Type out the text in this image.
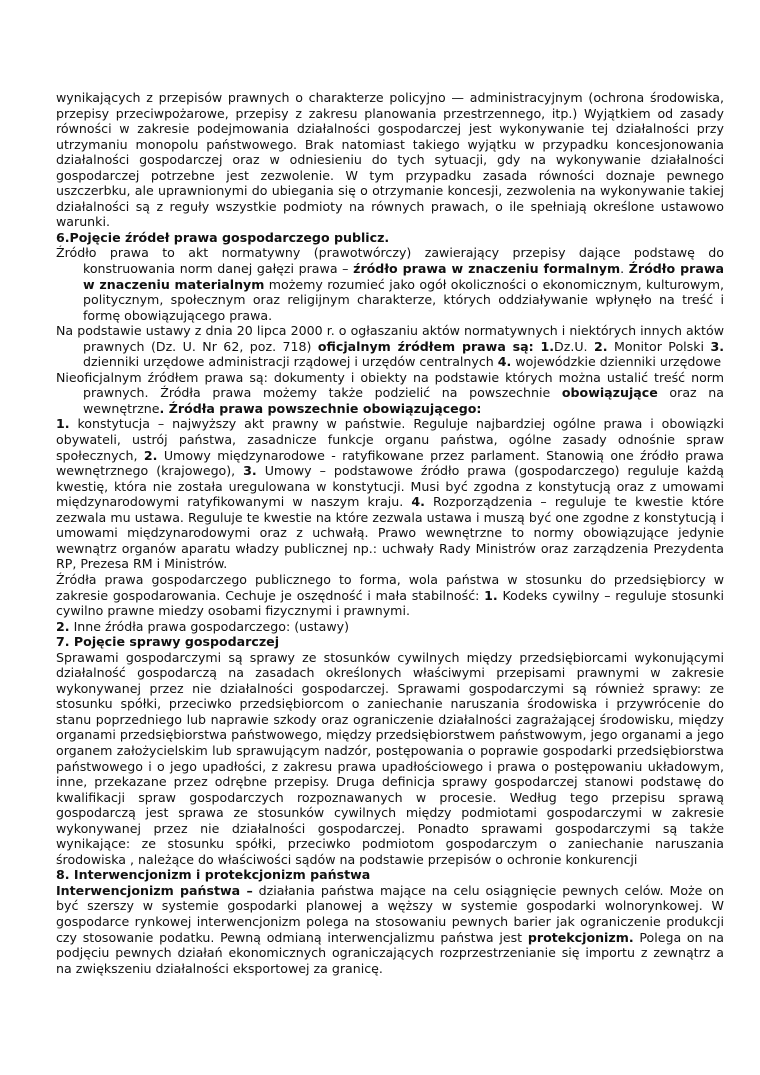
wynikających z przepisów prawnych o charakterze policyjno — administracyjnym (ochrona środowiska, przepisy przeciwpożarowe, przepisy z zakresu planowania przestrzennego, itp.) Wyjątkiem od zasady równości w zakresie podejmowania działalności gospodarczej jest wykonywanie tej działalności przy utrzymaniu monopolu państwowego. Brak natomiast takiego wyjątku w przypadku koncesjonowania działalności gospodarczej oraz w odniesieniu do tych sytuacji, gdy na wykonywanie działalności gospodarczej potrzebne jest zezwolenie. W tym przypadku zasada równości doznaje pewnego uszczerbku, ale uprawnionymi do ubiegania się o otrzymanie koncesji, zezwolenia na wykonywanie takiej działalności są z reguły wszystkie podmioty na równych prawach, o ile spełniają określone ustawowo warunki.

6.Pojęcie źródeł prawa gospodarczego publicz.

Źródło prawa to akt normatywny (prawotwórczy) zawierający przepisy dające podstawę do konstruowania norm danej gałęzi prawa – źródło prawa w znaczeniu formalnym. Źródło prawa w znaczeniu materialnym możemy rozumieć jako ogół okoliczności o ekonomicznym, kulturowym, politycznym, społecznym oraz religijnym charakterze, których oddziaływanie wpłynęło na treść i formę obowiązującego prawa.

Na podstawie ustawy z dnia 20 lipca 2000 r. o ogłaszaniu aktów normatywnych i niektórych innych aktów prawnych (Dz. U. Nr 62, poz. 718) oficjalnym źródłem prawa są: 1.Dz.U. 2. Monitor Polski 3. dzienniki urzędowe administracji rządowej i urzędów centralnych 4. wojewódzkie dzienniki urzędowe

Nieoficjalnym źródłem prawa są: dokumenty i obiekty na podstawie których można ustalić treść norm prawnych. Źródła prawa możemy także podzielić na powszechnie obowiązujące oraz na wewnętrzne. Źródła prawa powszechnie obowiązującego:

1. konstytucja – najwyższy akt prawny w państwie. Reguluje najbardziej ogólne prawa i obowiązki obywateli, ustrój państwa, zasadnicze funkcje organu państwa, ogólne zasady odnośnie spraw społecznych, 2. Umowy międzynarodowe - ratyfikowane przez parlament. Stanowią one źródło prawa wewnętrznego (krajowego), 3. Umowy – podstawowe źródło prawa (gospodarczego) reguluje każdą kwestię, która nie została uregulowana w konstytucji. Musi być zgodna z konstytucją oraz z umowami międzynarodowymi ratyfikowanymi w naszym kraju. 4. Rozporządzenia – reguluje te kwestie które zezwala mu ustawa. Reguluje te kwestie na które zezwala ustawa i muszą być one zgodne z konstytucją i umowami międzynarodowymi oraz z uchwałą. Prawo wewnętrzne to normy obowiązujące jedynie wewnątrz organów aparatu władzy publicznej np.: uchwały Rady Ministrów oraz zarządzenia Prezydenta RP, Prezesa RM i Ministrów.

Źródła prawa gospodarczego publicznego to forma, wola państwa w stosunku do przedsiębiorcy w zakresie gospodarowania. Cechuje je oszędność i mała stabilność: 1. Kodeks cywilny – reguluje stosunki cywilno prawne miedzy osobami fizycznymi i prawnymi.

2. Inne źródła prawa gospodarczego: (ustawy)

7. Pojęcie sprawy gospodarczej

Sprawami gospodarczymi są sprawy ze stosunków cywilnych między przedsiębiorcami wykonującymi działalność gospodarczą na zasadach określonych właściwymi przepisami prawnymi w zakresie wykonywanej przez nie działalności gospodarczej. Sprawami gospodarczymi są również sprawy: ze stosunku spółki, przeciwko przedsiębiorcom o zaniechanie naruszania środowiska i przywrócenie do stanu poprzedniego lub naprawie szkody oraz ograniczenie działalności zagrażającej środowisku, między organami przedsiębiorstwa państwowego, między przedsiębiorstwem państwowym, jego organami a jego organem założycielskim lub sprawującym nadzór, postępowania o poprawie gospodarki przedsiębiorstwa państwowego i o jego upadłości, z zakresu prawa upadłościowego i prawa o postępowaniu układowym, inne, przekazane przez odrębne przepisy. Druga definicja sprawy gospodarczej stanowi podstawę do kwalifikacji spraw gospodarczych rozpoznawanych w procesie. Według tego przepisu sprawą gospodarczą jest sprawa ze stosunków cywilnych między podmiotami gospodarczymi w zakresie wykonywanej przez nie działalności gospodarczej. Ponadto sprawami gospodarczymi są także wynikające: ze stosunku spółki, przeciwko podmiotom gospodarczym o zaniechanie naruszania środowiska , należące do właściwości sądów na podstawie przepisów o ochronie konkurencji

8. Interwencjonizm i protekcjonizm państwa

Interwencjonizm państwa – działania państwa mające na celu osiągnięcie pewnych celów. Może on być szerszy w systemie gospodarki planowej a węższy w systemie gospodarki wolnorynkowej. W gospodarce rynkowej interwencjonizm polega na stosowaniu pewnych barier jak ograniczenie produkcji czy stosowanie podatku. Pewną odmianą interwencjalizmu państwa jest protekcjonizm. Polega on na podjęciu pewnych działań ekonomicznych ograniczających rozprzestrzenianie się importu z zewnątrz a na zwiększeniu działalności eksportowej za granicę.
